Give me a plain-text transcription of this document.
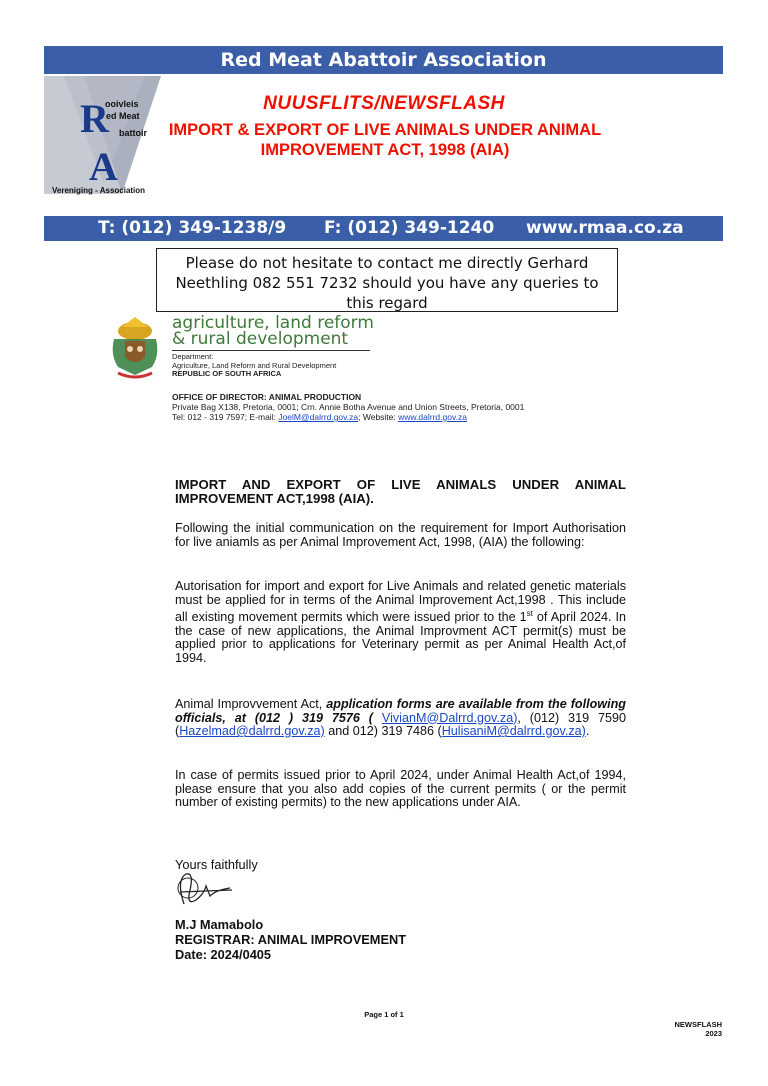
Red Meat Abattoir Association
R
A
ooivleis
ed Meat
battoir
Vereniging - Association
NUUSFLITS/NEWSFLASH
IMPORT & EXPORT OF LIVE ANIMALS UNDER ANIMAL
IMPROVEMENT ACT, 1998 (AIA)
T: (012) 349-1238/9 F: (012) 349-1240 www.rmaa.co.za
Please do not hesitate to contact me directly Gerhard Neethling 082 551 7232 should you have any queries to this regard
agriculture, land reform
& rural development
Department:
Agriculture, Land Reform and Rural Development
REPUBLIC OF SOUTH AFRICA
OFFICE OF DIRECTOR: ANIMAL PRODUCTION
Private Bag X138, Pretoria, 0001; Crn. Annie Botha Avenue and Union Streets, Pretoria, 0001
Tel: 012 - 319 7597; E-mail: JoelM@dalrrd.gov.za; Website: www.dalrrd.gov.za
IMPORT AND EXPORT OF LIVE ANIMALS UNDER ANIMAL IMPROVEMENT ACT,1998 (AIA).
Following the initial communication on the requirement for Import Authorisation for live aniamls as per Animal Improvement Act, 1998, (AIA) the following:
Autorisation for import and export for Live Animals and related genetic materials must be applied for in terms of the Animal Improvement Act,1998 . This include all existing movement permits which were issued prior to the 1st of April 2024. In the case of new applications, the Animal Improvment ACT permit(s) must be applied prior to applications for Veterinary permit as per Animal Health Act,of 1994.
Animal Improvvement Act, application forms are available from the following officials, at (012 ) 319 7576 ( VivianM@Dalrrd.gov.za), (012) 319 7590 (Hazelmad@dalrrd.gov.za) and 012) 319 7486 (HulisaniM@dalrrd.gov.za).
In case of permits issued prior to April 2024, under Animal Health Act,of 1994, please ensure that you also add copies of the current permits ( or the permit number of existing permits) to the new applications under AIA.
Yours faithfully
M.J Mamabolo
REGISTRAR: ANIMAL IMPROVEMENT
Date: 2024/0405
Page 1 of 1
NEWSFLASH
2023
